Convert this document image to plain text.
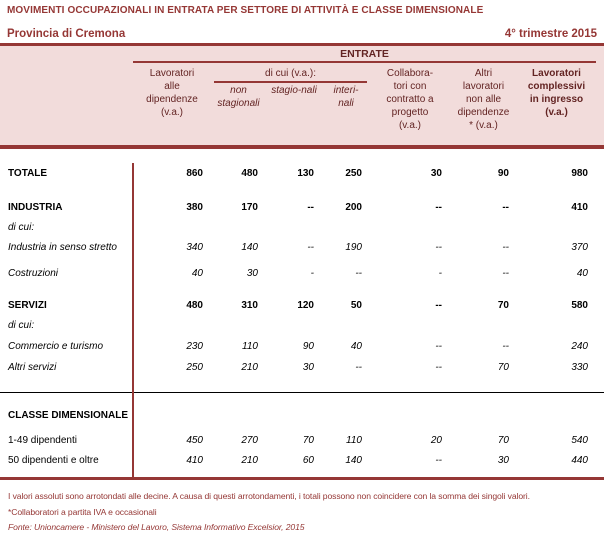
MOVIMENTI OCCUPAZIONALI IN ENTRATA PER SETTORE DI ATTIVITÀ E CLASSE DIMENSIONALE
Provincia di Cremona	4° trimestre 2015
ENTRATE
Lavoratori
alle
dipendenze
(v.a.)
di cui (v.a.):
non
stagionali
stagio-nali	interi-
nali
Collabora-
tori con
contratto a
progetto
(v.a.)
Altri
lavoratori
non alle
dipendenze
* (v.a.)
Lavoratori
complessivi
in ingresso
(v.a.)
TOTALE	860	480	130	250	30	90	980
INDUSTRIA	380	170	--	200	--	--	410
di cui:
Industria in senso stretto	340	140	--	190	--	--	370
Costruzioni	40	30	-	--	-	--	40
SERVIZI	480	310	120	50	--	70	580
di cui:
Commercio e turismo	230	110	90	40	--	--	240
Altri servizi	250	210	30	--	--	70	330
CLASSE DIMENSIONALE
1-49 dipendenti	450	270	70	110	20	70	540
50 dipendenti e oltre	410	210	60	140	--	30	440
I valori assoluti sono arrotondati alle decine. A causa di questi arrotondamenti, i totali possono non coincidere con la somma dei singoli valori.
*Collaboratori a partita IVA e occasionali
Fonte: Unioncamere - Ministero del Lavoro, Sistema Informativo Excelsior, 2015
